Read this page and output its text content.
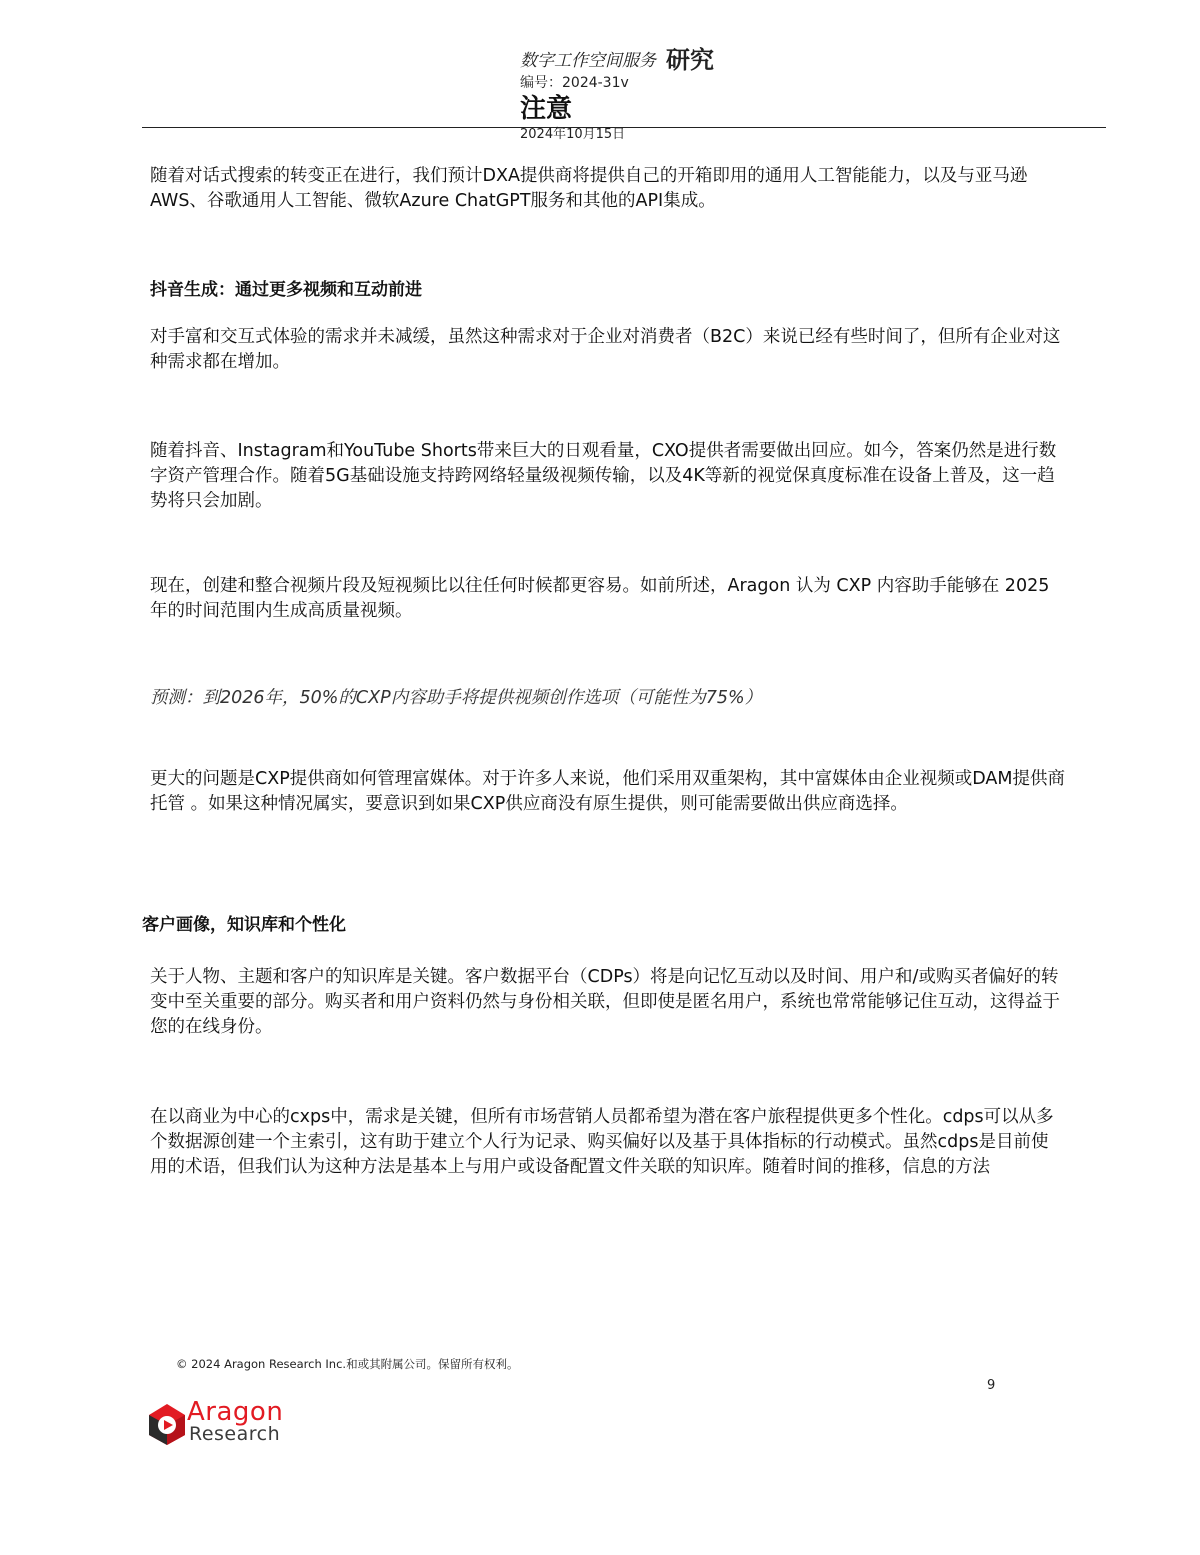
数字工作空间服务 研究
编号：2024-31v
注意
2024年10月15日

随着对话式搜索的转变正在进行，我们预计DXA提供商将提供自己的开箱即用的通用人工智能能力，以及与亚马逊AWS、谷歌通用人工智能、微软Azure ChatGPT服务和其他的API集成。

抖音生成：通过更多视频和互动前进

对手富和交互式体验的需求并未减缓，虽然这种需求对于企业对消费者（B2C）来说已经有些时间了，但所有企业对这种需求都在增加。

随着抖音、Instagram和YouTube Shorts带来巨大的日观看量，CXO提供者需要做出回应。如今，答案仍然是进行数字资产管理合作。随着5G基础设施支持跨网络轻量级视频传输，以及4K等新的视觉保真度标准在设备上普及，这一趋势将只会加剧。

现在，创建和整合视频片段及短视频比以往任何时候都更容易。如前所述，Aragon 认为 CXP 内容助手能够在 2025 年的时间范围内生成高质量视频。

预测：到2026年，50%的CXP内容助手将提供视频创作选项（可能性为75%）

更大的问题是CXP提供商如何管理富媒体。对于许多人来说，他们采用双重架构，其中富媒体由企业视频或DAM提供商托管 。如果这种情况属实，要意识到如果CXP供应商没有原生提供，则可能需要做出供应商选择。

客户画像，知识库和个性化

关于人物、主题和客户的知识库是关键。客户数据平台（CDPs）将是向记忆互动以及时间、用户和/或购买者偏好的转变中至关重要的部分。购买者和用户资料仍然与身份相关联，但即使是匿名用户，系统也常常能够记住互动，这得益于您的在线身份。

在以商业为中心的cxps中，需求是关键，但所有市场营销人员都希望为潜在客户旅程提供更多个性化。cdps可以从多个数据源创建一个主索引，这有助于建立个人行为记录、购买偏好以及基于具体指标的行动模式。虽然cdps是目前使用的术语，但我们认为这种方法是基本上与用户或设备配置文件关联的知识库。随着时间的推移，信息的方法

© 2024 Aragon Research Inc.和或其附属公司。保留所有权利。
9
Aragon
Research
